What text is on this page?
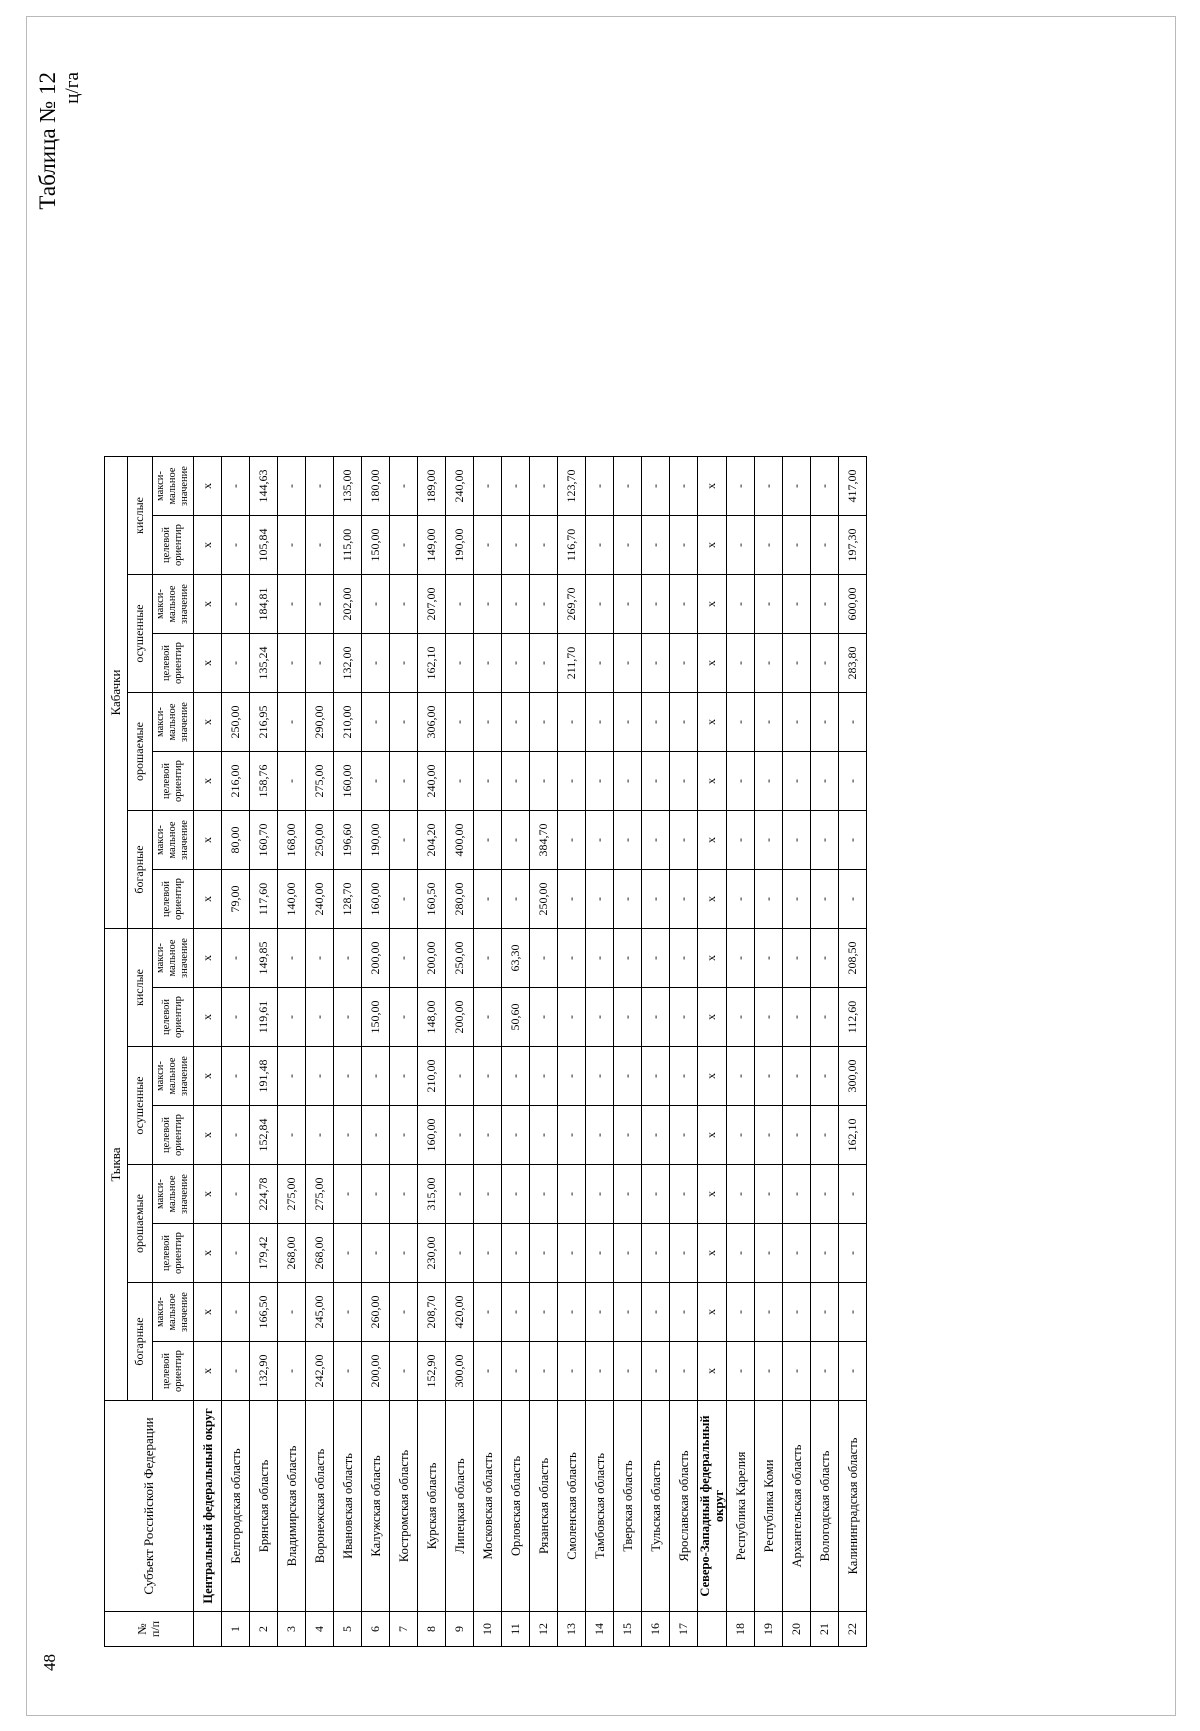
48
Таблица № 12 ц/га
№
п/п	Субъект Российской Федерации	Тыква								Кабачки							
		богарные		орошаемые		осушенные		кислые		богарные		орошаемые		осушенные		кислые	
		целевой ориентир	макси-мальное значение	целевой ориентир	макси-мальное значение	целевой ориентир	макси-мальное значение	целевой ориентир	макси-мальное значение	целевой ориентир	макси-мальное значение	целевой ориентир	макси-мальное значение	целевой ориентир	макси-мальное значение	целевой ориентир	макси-мальное значение
	Центральный федеральный округ	х	х	х	х	х	х	х	х	х	х	х	х	х	х	х	х
1	Белгородская область	-	-	-	-	-	-	-	-	79,00	80,00	216,00	250,00	-	-	-	-
2	Брянская область	132,90	166,50	179,42	224,78	152,84	191,48	119,61	149,85	117,60	160,70	158,76	216,95	135,24	184,81	105,84	144,63
3	Владимирская область	-	-	268,00	275,00	-	-	-	-	140,00	168,00	-	-	-	-	-	-
4	Воронежская область	242,00	245,00	268,00	275,00	-	-	-	-	240,00	250,00	275,00	290,00	-	-	-	-
5	Ивановская область	-	-	-	-	-	-	-	-	128,70	196,60	160,00	210,00	132,00	202,00	115,00	135,00
6	Калужская область	200,00	260,00	-	-	-	-	150,00	200,00	160,00	190,00	-	-	-	-	150,00	180,00
7	Костромская область	-	-	-	-	-	-	-	-	-	-	-	-	-	-	-	-
8	Курская область	152,90	208,70	230,00	315,00	160,00	210,00	148,00	200,00	160,50	204,20	240,00	306,00	162,10	207,00	149,00	189,00
9	Липецкая область	300,00	420,00	-	-	-	-	200,00	250,00	280,00	400,00	-	-	-	-	190,00	240,00
10	Московская область	-	-	-	-	-	-	-	-	-	-	-	-	-	-	-	-
11	Орловская область	-	-	-	-	-	-	50,60	63,30	-	-	-	-	-	-	-	-
12	Рязанская область	-	-	-	-	-	-	-	-	250,00	384,70	-	-	-	-	-	-
13	Смоленская область	-	-	-	-	-	-	-	-	-	-	-	-	211,70	269,70	116,70	123,70
14	Тамбовская область	-	-	-	-	-	-	-	-	-	-	-	-	-	-	-	-
15	Тверская область	-	-	-	-	-	-	-	-	-	-	-	-	-	-	-	-
16	Тульская область	-	-	-	-	-	-	-	-	-	-	-	-	-	-	-	-
17	Ярославская область	-	-	-	-	-	-	-	-	-	-	-	-	-	-	-	-
	Северо-Западный федеральный округ	х	х	х	х	х	х	х	х	х	х	х	х	х	х	х	х
18	Республика Карелия	-	-	-	-	-	-	-	-	-	-	-	-	-	-	-	-
19	Республика Коми	-	-	-	-	-	-	-	-	-	-	-	-	-	-	-	-
20	Архангельская область	-	-	-	-	-	-	-	-	-	-	-	-	-	-	-	-
21	Вологодская область	-	-	-	-	-	-	-	-	-	-	-	-	-	-	-	-
22	Калининградская область	-	-	-	-	162,10	300,00	112,60	208,50	-	-	-	-	283,80	600,00	197,30	417,00
